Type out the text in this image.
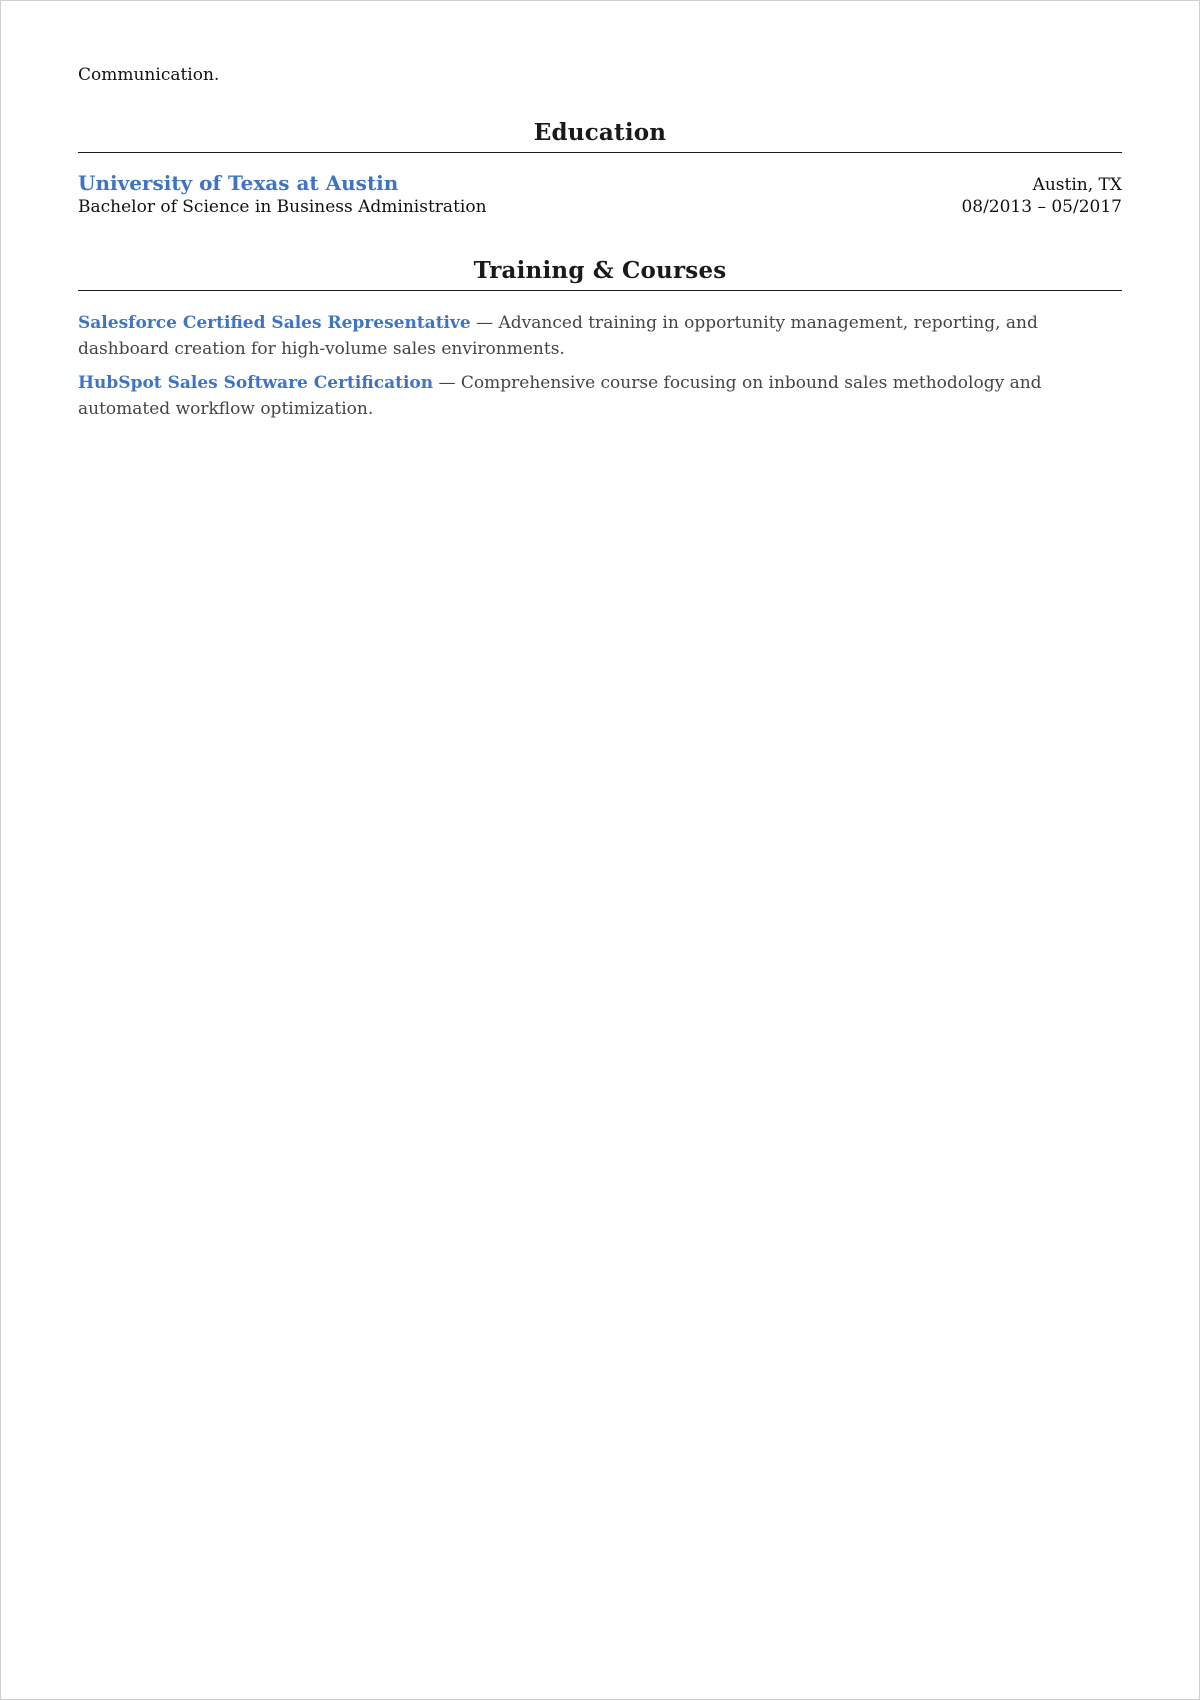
Communication.
Education
University of Texas at Austin	Austin, TX
Bachelor of Science in Business Administration	08/2013 – 05/2017
Training & Courses

Salesforce Certified Sales Representative — Advanced training in opportunity management, reporting, and dashboard creation for high-volume sales environments.

HubSpot Sales Software Certification — Comprehensive course focusing on inbound sales methodology and automated workflow optimization.
